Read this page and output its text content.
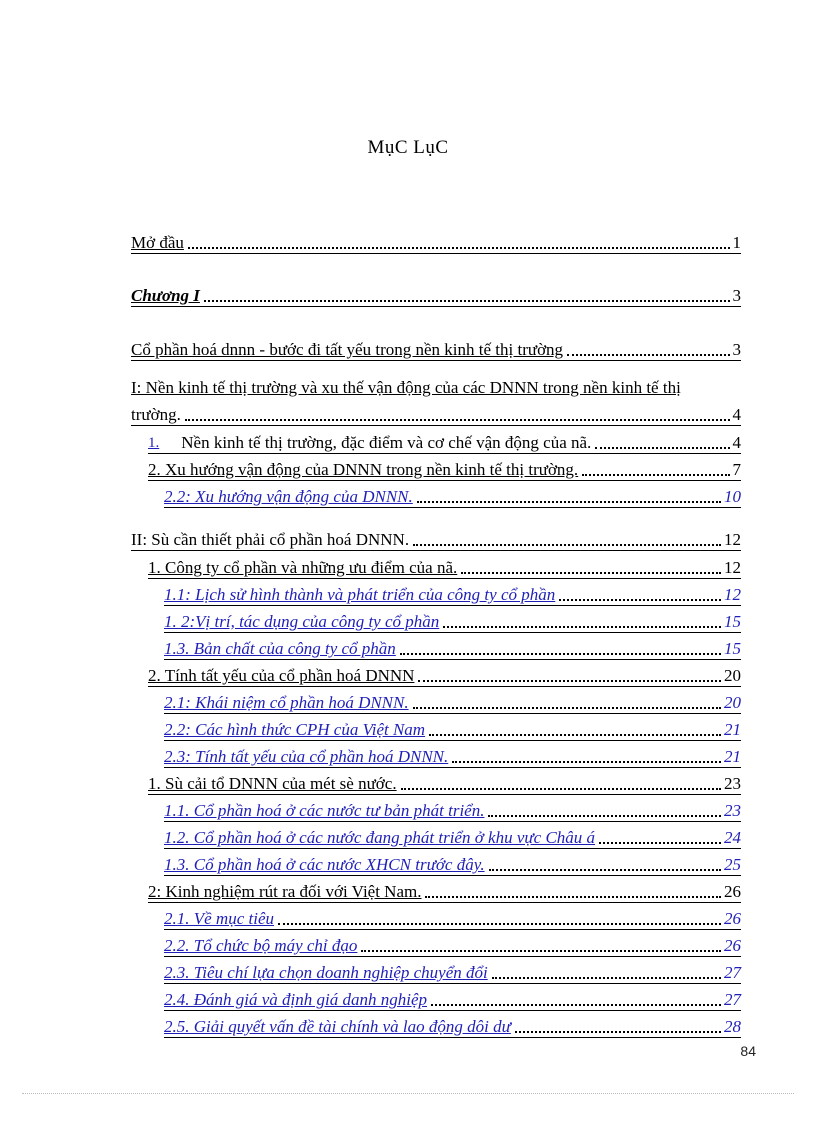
MụC LụC
Mở đầu	1
Chương I	3
Cổ phần hoá dnnn - bước đi tất yếu trong nền kinh tế thị trường	3
I: Nền kinh tế thị trường và xu thế vận động của các DNNN trong nền kinh tế thị
trường.	4
1. Nền kinh tế thị trường, đặc điểm và cơ chế vận động của nã.	4
2. Xu hướng vận động của DNNN trong nền kinh tế thị trường.	7
2.2: Xu hướng vận động của DNNN.	10
II: Sù cần thiết phải cổ phần hoá DNNN.	12
1. Công ty cổ phần và những ưu điểm của nã.	12
1.1: Lịch sử hình thành và phát triển của công ty cổ phần	12
1. 2:Vị trí, tác dụng của công ty cổ phần	15
1.3. Bản chất của công ty cổ phần	15
2. Tính tất yếu của cổ phần hoá DNNN	20
2.1: Khái niệm cổ phần hoá DNNN.	20
2.2: Các hình thức CPH của Việt Nam	21
2.3: Tính tất yếu của cổ phần hoá DNNN.	21
1. Sù cải tổ DNNN của mét sè nước.	23
1.1. Cổ phần hoá ở các nước tư bản phát triển.	23
1.2. Cổ phần hoá ở các nước đang phát triển ở khu vực Châu á	24
1.3. Cổ phần hoá ở các nước XHCN trước đây.	25
2: Kinh nghiệm rút ra đối với Việt Nam.	26
2.1. Về mục tiêu	26
2.2. Tổ chức bộ máy chỉ đạo	26
2.3. Tiêu chí lựa chọn doanh nghiệp chuyển đổi	27
2.4. Đánh giá và định giá danh nghiệp	27
2.5. Giải quyết vấn đề tài chính và lao động dôi dư	28
84
